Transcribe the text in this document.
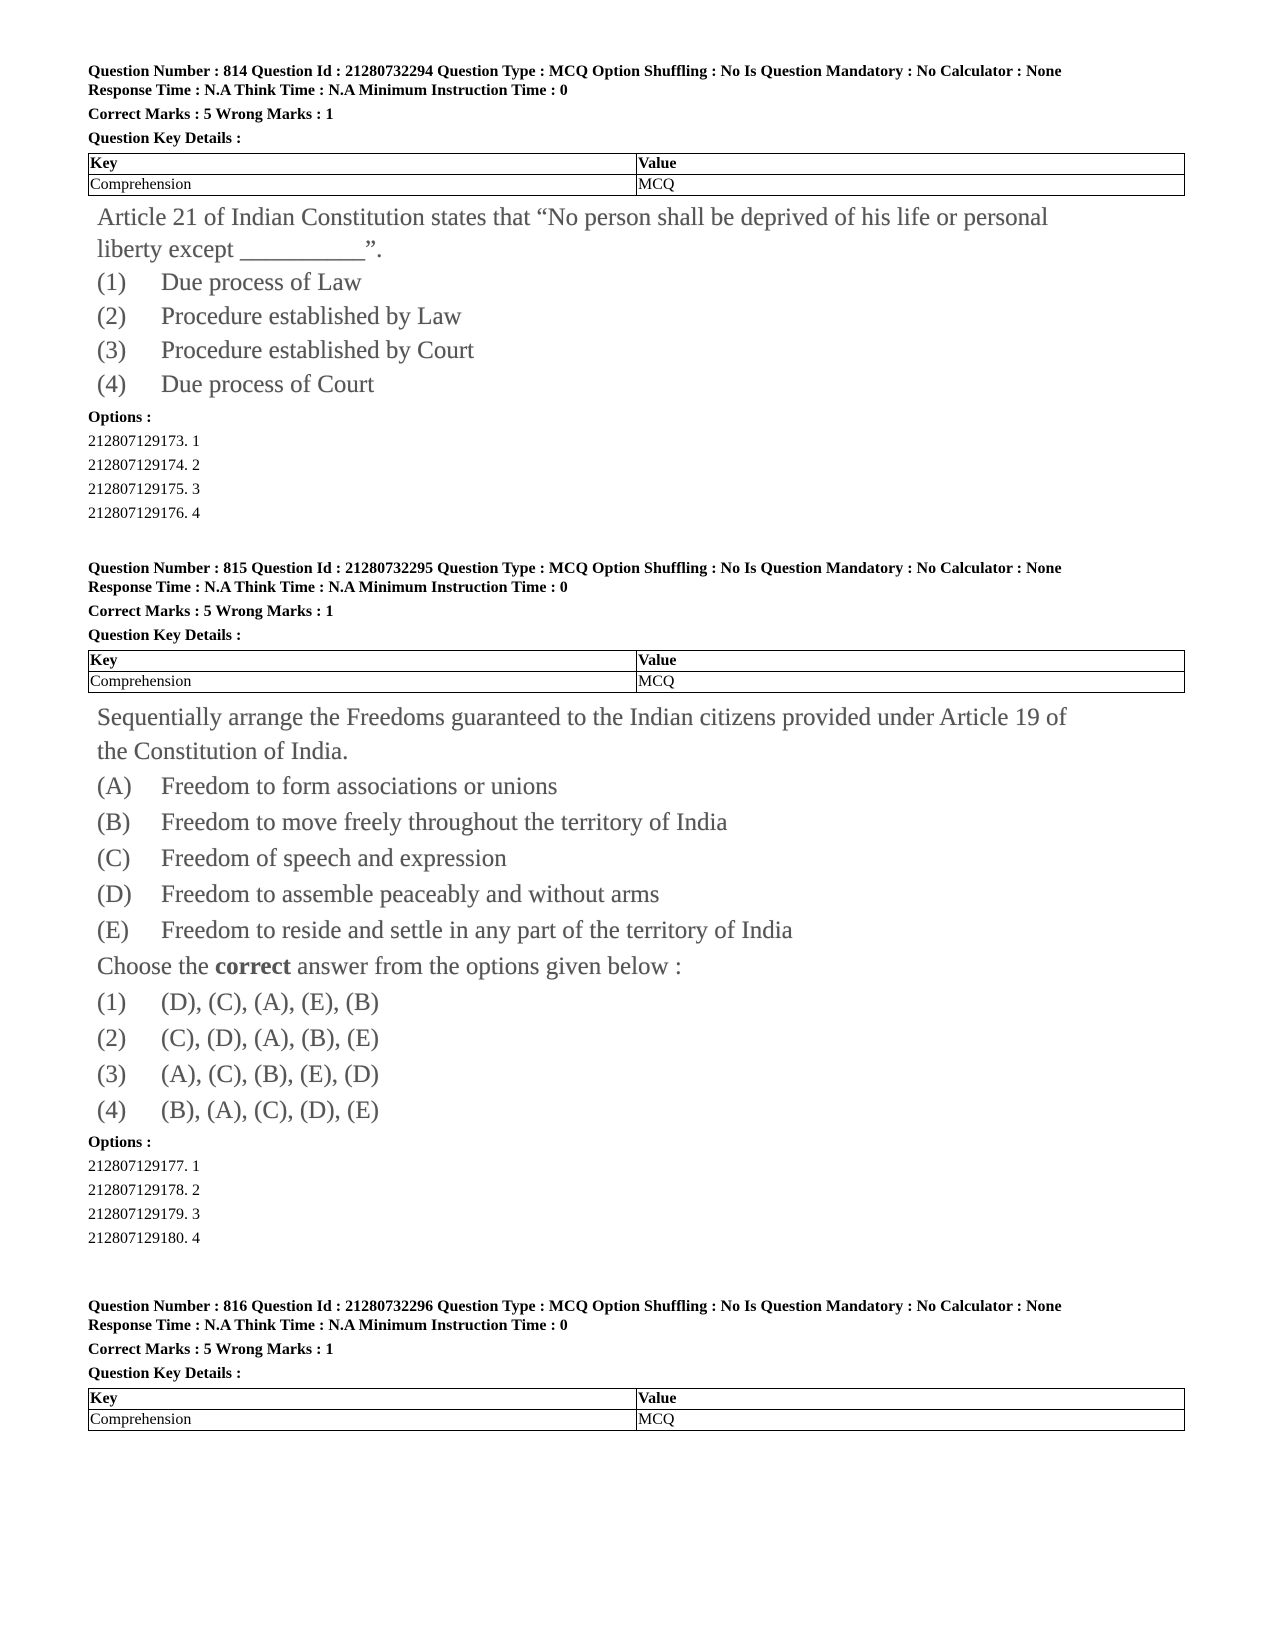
Question Number : 814 Question Id : 21280732294 Question Type : MCQ Option Shuffling : No Is Question Mandatory : No Calculator : None
Response Time : N.A Think Time : N.A Minimum Instruction Time : 0
Correct Marks : 5 Wrong Marks : 1
Question Key Details :
Key	Value
Comprehension	MCQ
Article 21 of Indian Constitution states that “No person shall be deprived of his life or personal
liberty except __________”.
(1)	Due process of Law
(2)	Procedure established by Law
(3)	Procedure established by Court
(4)	Due process of Court
Options :
212807129173. 1
212807129174. 2
212807129175. 3
212807129176. 4
Question Number : 815 Question Id : 21280732295 Question Type : MCQ Option Shuffling : No Is Question Mandatory : No Calculator : None
Response Time : N.A Think Time : N.A Minimum Instruction Time : 0
Correct Marks : 5 Wrong Marks : 1
Question Key Details :
Key	Value
Comprehension	MCQ
Sequentially arrange the Freedoms guaranteed to the Indian citizens provided under Article 19 of
the Constitution of India.
(A)	Freedom to form associations or unions
(B)	Freedom to move freely throughout the territory of India
(C)	Freedom of speech and expression
(D)	Freedom to assemble peaceably and without arms
(E)	Freedom to reside and settle in any part of the territory of India
Choose the correct answer from the options given below :
(1)	(D), (C), (A), (E), (B)
(2)	(C), (D), (A), (B), (E)
(3)	(A), (C), (B), (E), (D)
(4)	(B), (A), (C), (D), (E)
Options :
212807129177. 1
212807129178. 2
212807129179. 3
212807129180. 4
Question Number : 816 Question Id : 21280732296 Question Type : MCQ Option Shuffling : No Is Question Mandatory : No Calculator : None
Response Time : N.A Think Time : N.A Minimum Instruction Time : 0
Correct Marks : 5 Wrong Marks : 1
Question Key Details :
Key	Value
Comprehension	MCQ
